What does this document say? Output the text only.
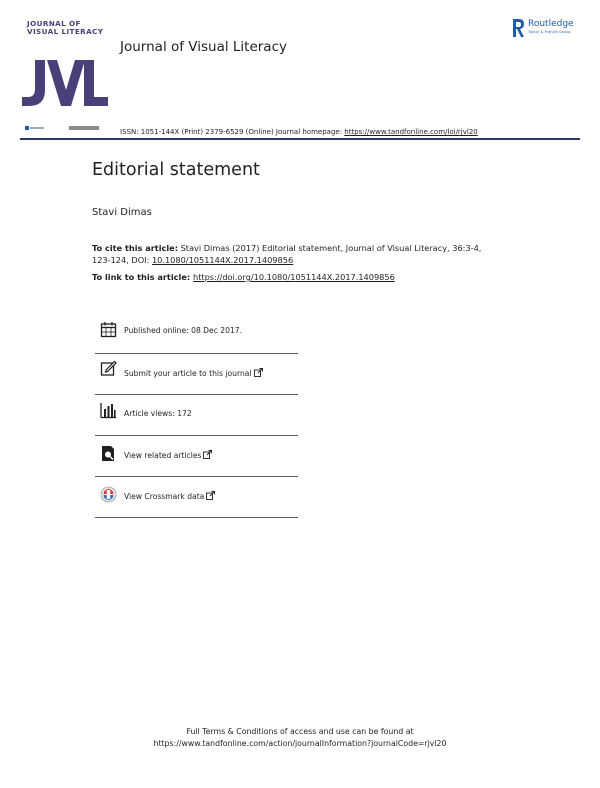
JOURNAL OF
VISUAL LITERACY
Journal of Visual Literacy
Routledge
Taylor & Francis Group
ISSN: 1051-144X (Print) 2379-6529 (Online) Journal homepage: https://www.tandfonline.com/loi/rjvl20
Editorial statement
Stavi Dimas
To cite this article: Stavi Dimas (2017) Editorial statement, Journal of Visual Literacy, 36:3-4, 123-124, DOI: 10.1080/1051144X.2017.1409856
To link to this article: https://doi.org/10.1080/1051144X.2017.1409856
Published online: 08 Dec 2017.
Submit your article to this journal
Article views: 172
View related articles
View Crossmark data
Full Terms & Conditions of access and use can be found at
https://www.tandfonline.com/action/journalInformation?journalCode=rjvl20
